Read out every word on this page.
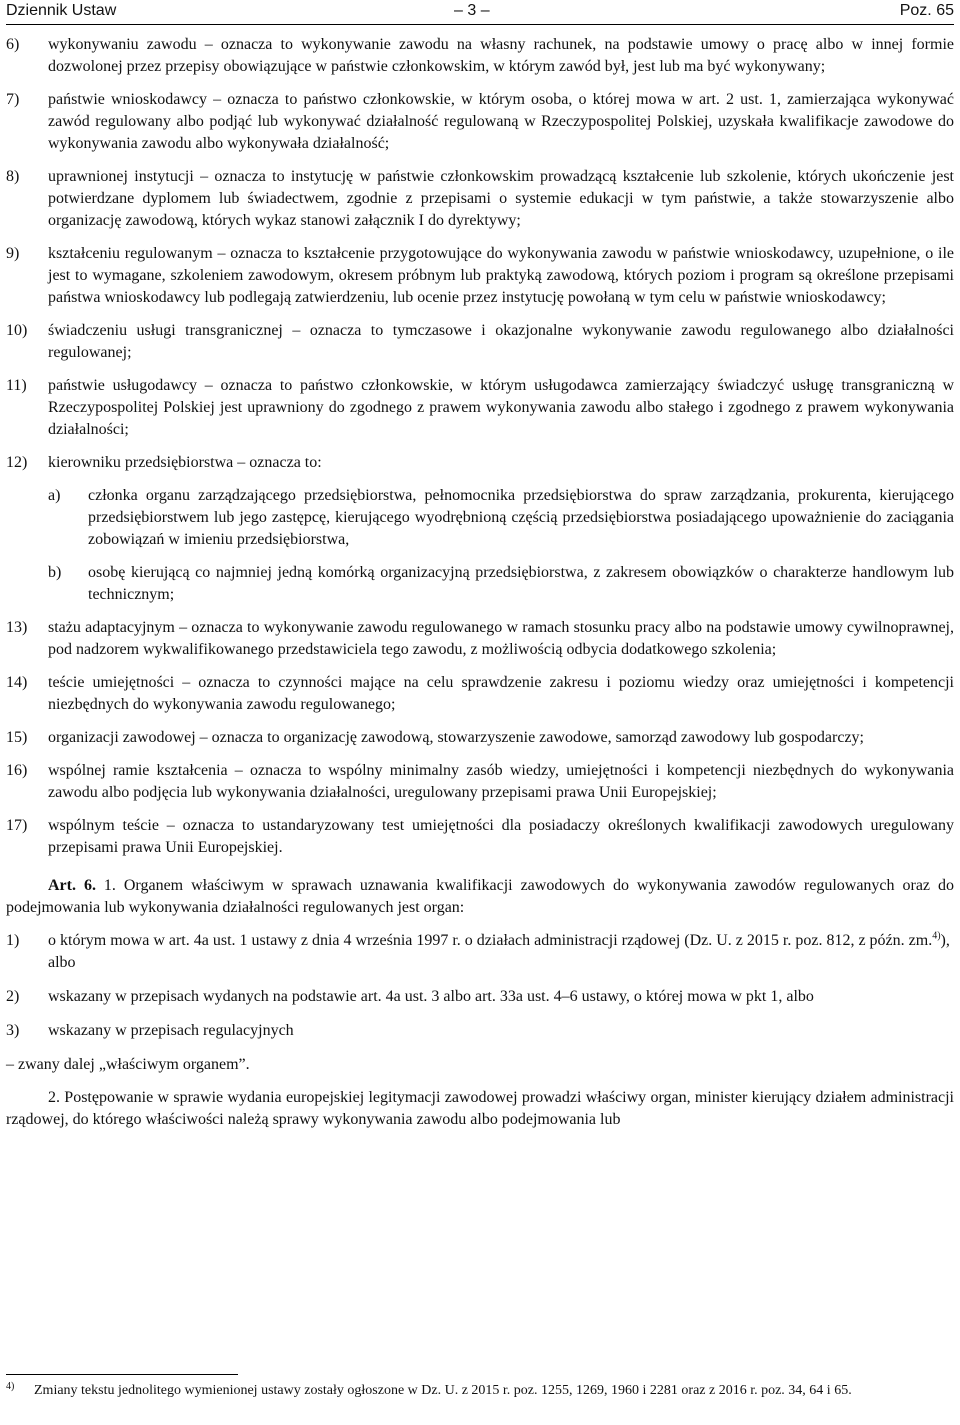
Dziennik Ustaw	– 3 –	Poz. 65
6) wykonywaniu zawodu – oznacza to wykonywanie zawodu na własny rachunek, na podstawie umowy o pracę albo w innej formie dozwolonej przez przepisy obowiązujące w państwie członkowskim, w którym zawód był, jest lub ma być wykonywany;
7) państwie wnioskodawcy – oznacza to państwo członkowskie, w którym osoba, o której mowa w art. 2 ust. 1, zamierzająca wykonywać zawód regulowany albo podjąć lub wykonywać działalność regulowaną w Rzeczypospolitej Polskiej, uzyskała kwalifikacje zawodowe do wykonywania zawodu albo wykonywała działalność;
8) uprawnionej instytucji – oznacza to instytucję w państwie członkowskim prowadzącą kształcenie lub szkolenie, których ukończenie jest potwierdzane dyplomem lub świadectwem, zgodnie z przepisami o systemie edukacji w tym państwie, a także stowarzyszenie albo organizację zawodową, których wykaz stanowi załącznik I do dyrektywy;
9) kształceniu regulowanym – oznacza to kształcenie przygotowujące do wykonywania zawodu w państwie wnioskodawcy, uzupełnione, o ile jest to wymagane, szkoleniem zawodowym, okresem próbnym lub praktyką zawodową, których poziom i program są określone przepisami państwa wnioskodawcy lub podlegają zatwierdzeniu, lub ocenie przez instytucję powołaną w tym celu w państwie wnioskodawcy;
10) świadczeniu usługi transgranicznej – oznacza to tymczasowe i okazjonalne wykonywanie zawodu regulowanego albo działalności regulowanej;
11) państwie usługodawcy – oznacza to państwo członkowskie, w którym usługodawca zamierzający świadczyć usługę transgraniczną w Rzeczypospolitej Polskiej jest uprawniony do zgodnego z prawem wykonywania zawodu albo stałego i zgodnego z prawem wykonywania działalności;
12) kierowniku przedsiębiorstwa – oznacza to:
a) członka organu zarządzającego przedsiębiorstwa, pełnomocnika przedsiębiorstwa do spraw zarządzania, prokurenta, kierującego przedsiębiorstwem lub jego zastępcę, kierującego wyodrębnioną częścią przedsiębiorstwa posiadającego upoważnienie do zaciągania zobowiązań w imieniu przedsiębiorstwa,
b) osobę kierującą co najmniej jedną komórką organizacyjną przedsiębiorstwa, z zakresem obowiązków o charakterze handlowym lub technicznym;
13) stażu adaptacyjnym – oznacza to wykonywanie zawodu regulowanego w ramach stosunku pracy albo na podstawie umowy cywilnoprawnej, pod nadzorem wykwalifikowanego przedstawiciela tego zawodu, z możliwością odbycia dodatkowego szkolenia;
14) teście umiejętności – oznacza to czynności mające na celu sprawdzenie zakresu i poziomu wiedzy oraz umiejętności i kompetencji niezbędnych do wykonywania zawodu regulowanego;
15) organizacji zawodowej – oznacza to organizację zawodową, stowarzyszenie zawodowe, samorząd zawodowy lub gospodarczy;
16) wspólnej ramie kształcenia – oznacza to wspólny minimalny zasób wiedzy, umiejętności i kompetencji niezbędnych do wykonywania zawodu albo podjęcia lub wykonywania działalności, uregulowany przepisami prawa Unii Europejskiej;
17) wspólnym teście – oznacza to ustandaryzowany test umiejętności dla posiadaczy określonych kwalifikacji zawodowych uregulowany przepisami prawa Unii Europejskiej.
Art. 6. 1. Organem właściwym w sprawach uznawania kwalifikacji zawodowych do wykonywania zawodów regulowanych oraz do podejmowania lub wykonywania działalności regulowanych jest organ:
1) o którym mowa w art. 4a ust. 1 ustawy z dnia 4 września 1997 r. o działach administracji rządowej (Dz. U. z 2015 r. poz. 812, z późn. zm.$^{4)}$), albo
2) wskazany w przepisach wydanych na podstawie art. 4a ust. 3 albo art. 33a ust. 4–6 ustawy, o której mowa w pkt 1, albo
3) wskazany w przepisach regulacyjnych
– zwany dalej „właściwym organem”.
2. Postępowanie w sprawie wydania europejskiej legitymacji zawodowej prowadzi właściwy organ, minister kierujący działem administracji rządowej, do którego właściwości należą sprawy wykonywania zawodu albo podejmowania lub
4) Zmiany tekstu jednolitego wymienionej ustawy zostały ogłoszone w Dz. U. z 2015 r. poz. 1255, 1269, 1960 i 2281 oraz z 2016 r. poz. 34, 64 i 65.
